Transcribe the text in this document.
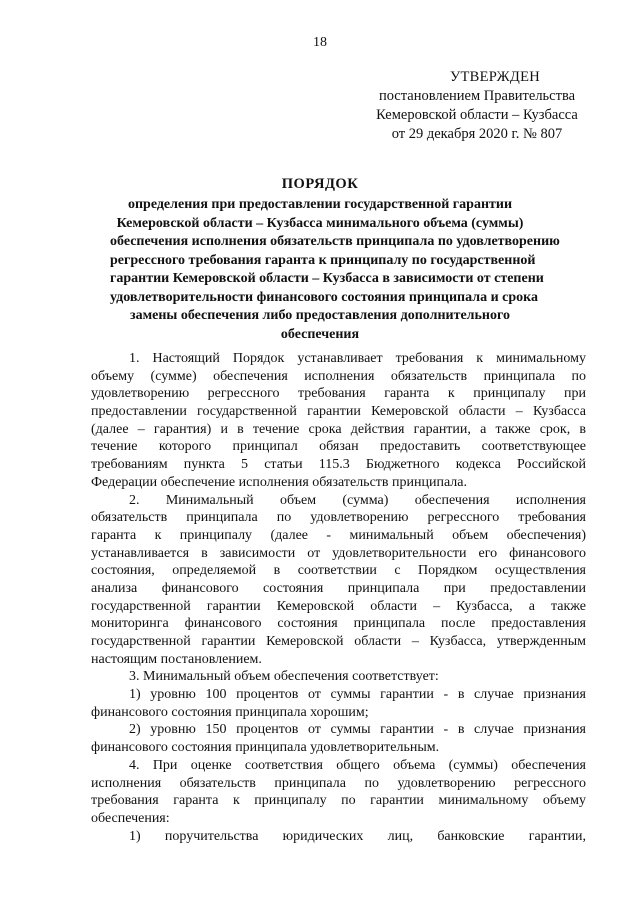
18
УТВЕРЖДЕН
постановлением Правительства
Кемеровской области – Кузбасса
от 29 декабря 2020 г. № 807
ПОРЯДОК
определения при предоставлении государственной гарантии
Кемеровской области – Кузбасса минимального объема (суммы)
обеспечения исполнения обязательств принципала по удовлетворению
регрессного требования гаранта к принципалу по государственной
гарантии Кемеровской области – Кузбасса в зависимости от степени
удовлетворительности финансового состояния принципала и срока
замены обеспечения либо предоставления дополнительного
обеспечения
1. Настоящий Порядок устанавливает требования к минимальному
объему (сумме) обеспечения исполнения обязательств принципала по
удовлетворению регрессного требования гаранта к принципалу при
предоставлении государственной гарантии Кемеровской области – Кузбасса
(далее – гарантия) и в течение срока действия гарантии, а также срок, в
течение которого принципал обязан предоставить соответствующее
требованиям пункта 5 статьи 115.3 Бюджетного кодекса Российской
Федерации обеспечение исполнения обязательств принципала.
2. Минимальный объем (сумма) обеспечения исполнения
обязательств принципала по удовлетворению регрессного требования
гаранта к принципалу (далее - минимальный объем обеспечения)
устанавливается в зависимости от удовлетворительности его финансового
состояния, определяемой в соответствии с Порядком осуществления
анализа финансового состояния принципала при предоставлении
государственной гарантии Кемеровской области – Кузбасса, а также
мониторинга финансового состояния принципала после предоставления
государственной гарантии Кемеровской области – Кузбасса, утвержденным
настоящим постановлением.
3. Минимальный объем обеспечения соответствует:
1) уровню 100 процентов от суммы гарантии - в случае признания
финансового состояния принципала хорошим;
2) уровню 150 процентов от суммы гарантии - в случае признания
финансового состояния принципала удовлетворительным.
4. При оценке соответствия общего объема (суммы) обеспечения
исполнения обязательств принципала по удовлетворению регрессного
требования гаранта к принципалу по гарантии минимальному объему
обеспечения:
1) поручительства юридических лиц, банковские гарантии,
